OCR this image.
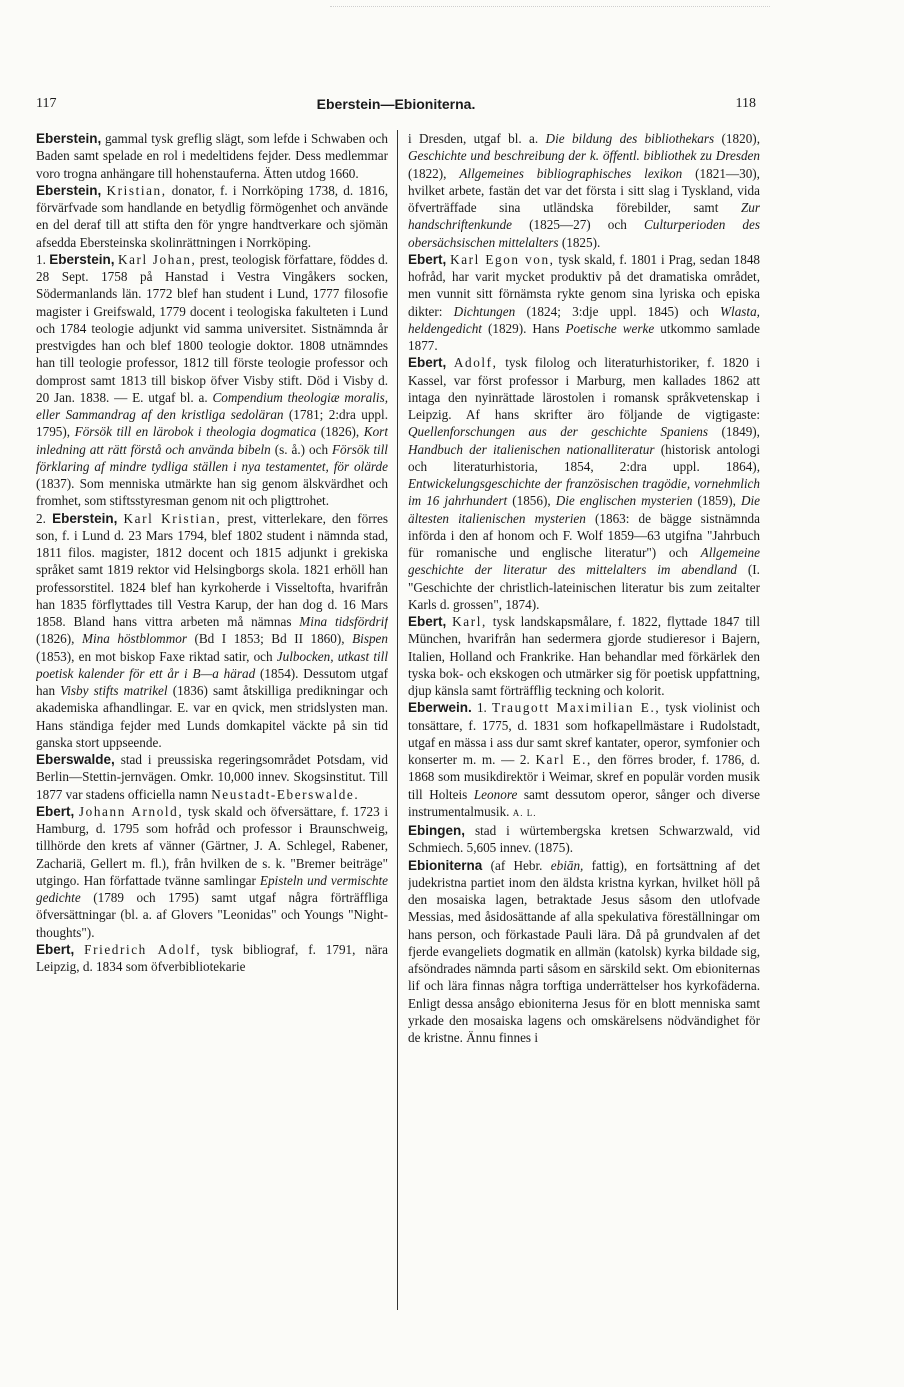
117	Eberstein—Ebioniterna.	118

Eberstein, gammal tysk greflig slägt, som lefde i Schwaben och Baden samt spelade en rol i medeltidens fejder. Dess medlemmar voro trogna anhängare till hohenstauferna. Ätten utdog 1660.

Eberstein, Kristian, donator, f. i Norrköping 1738, d. 1816, förvärfvade som handlande en betydlig förmögenhet och använde en del deraf till att stifta den för yngre handtverkare och sjömän afsedda Ebersteinska skolinrättningen i Norrköping.

1. Eberstein, Karl Johan, prest, teologisk författare, föddes d. 28 Sept. 1758 på Hanstad i Vestra Vingåkers socken, Södermanlands län. 1772 blef han student i Lund, 1777 filosofie magister i Greifswald, 1779 docent i teologiska fakulteten i Lund och 1784 teologie adjunkt vid samma universitet. Sistnämnda år prestvigdes han och blef 1800 teologie doktor. 1808 utnämndes han till teologie professor, 1812 till förste teologie professor och domprost samt 1813 till biskop öfver Visby stift. Död i Visby d. 20 Jan. 1838. — E. utgaf bl. a. Compendium theologiæ moralis, eller Sammandrag af den kristliga sedoläran (1781; 2:dra uppl. 1795), Försök till en lärobok i theologia dogmatica (1826), Kort inledning att rätt förstå och använda bibeln (s. å.) och Försök till förklaring af mindre tydliga ställen i nya testamentet, för olärde (1837). Som menniska utmärkte han sig genom älskvärdhet och fromhet, som stiftsstyresman genom nit och pligttrohet.

2. Eberstein, Karl Kristian, prest, vitterlekare, den förres son, f. i Lund d. 23 Mars 1794, blef 1802 student i nämnda stad, 1811 filos. magister, 1812 docent och 1815 adjunkt i grekiska språket samt 1819 rektor vid Helsingborgs skola. 1821 erhöll han professorstitel. 1824 blef han kyrkoherde i Visseltofta, hvarifrån han 1835 förflyttades till Vestra Karup, der han dog d. 16 Mars 1858. Bland hans vittra arbeten må nämnas Mina tidsfördrif (1826), Mina höstblommor (Bd I 1853; Bd II 1860), Bispen (1853), en mot biskop Faxe riktad satir, och Julbocken, utkast till poetisk kalender för ett år i B—a härad (1854). Dessutom utgaf han Visby stifts matrikel (1836) samt åtskilliga predikningar och akademiska afhandlingar. E. var en qvick, men stridslysten man. Hans ständiga fejder med Lunds domkapitel väckte på sin tid ganska stort uppseende.

Eberswalde, stad i preussiska regeringsområdet Potsdam, vid Berlin—Stettin-jernvägen. Omkr. 10,000 innev. Skogsinstitut. Till 1877 var stadens officiella namn Neustadt-Eberswalde.

Ebert, Johann Arnold, tysk skald och öfversättare, f. 1723 i Hamburg, d. 1795 som hofråd och professor i Braunschweig, tillhörde den krets af vänner (Gärtner, J. A. Schlegel, Rabener, Zachariä, Gellert m. fl.), från hvilken de s. k. "Bremer beiträge" utgingo. Han författade tvänne samlingar Episteln und vermischte gedichte (1789 och 1795) samt utgaf några förträffliga öfversättningar (bl. a. af Glovers "Leonidas" och Youngs "Night-thoughts").

Ebert, Friedrich Adolf, tysk bibliograf, f. 1791, nära Leipzig, d. 1834 som öfverbibliotekarie

i Dresden, utgaf bl. a. Die bildung des bibliothekars (1820), Geschichte und beschreibung der k. öffentl. bibliothek zu Dresden (1822), Allgemeines bibliographisches lexikon (1821—30), hvilket arbete, fastän det var det första i sitt slag i Tyskland, vida öfverträffade sina utländska förebilder, samt Zur handschriftenkunde (1825—27) och Culturperioden des obersächsischen mittelalters (1825).

Ebert, Karl Egon von, tysk skald, f. 1801 i Prag, sedan 1848 hofråd, har varit mycket produktiv på det dramatiska området, men vunnit sitt förnämsta rykte genom sina lyriska och episka dikter: Dichtungen (1824; 3:dje uppl. 1845) och Wlasta, heldengedicht (1829). Hans Poetische werke utkommo samlade 1877.

Ebert, Adolf, tysk filolog och literaturhistoriker, f. 1820 i Kassel, var först professor i Marburg, men kallades 1862 att intaga den nyinrättade lärostolen i romansk språkvetenskap i Leipzig. Af hans skrifter äro följande de vigtigaste: Quellenforschungen aus der geschichte Spaniens (1849), Handbuch der italienischen nationalliteratur (historisk antologi och literaturhistoria, 1854, 2:dra uppl. 1864), Entwickelungsgeschichte der französischen tragödie, vornehmlich im 16 jahrhundert (1856), Die englischen mysterien (1859), Die ältesten italienischen mysterien (1863: de bägge sistnämnda införda i den af honom och F. Wolf 1859—63 utgifna "Jahrbuch für romanische und englische literatur") och Allgemeine geschichte der literatur des mittelalters im abendland (I. "Geschichte der christlich-lateinischen literatur bis zum zeitalter Karls d. grossen", 1874).

Ebert, Karl, tysk landskapsmålare, f. 1822, flyttade 1847 till München, hvarifrån han sedermera gjorde studieresor i Bajern, Italien, Holland och Frankrike. Han behandlar med förkärlek den tyska bok- och ekskogen och utmärker sig för poetisk uppfattning, djup känsla samt förträfflig teckning och kolorit.

Eberwein. 1. Traugott Maximilian E., tysk violinist och tonsättare, f. 1775, d. 1831 som hofkapellmästare i Rudolstadt, utgaf en mässa i ass dur samt skref kantater, operor, symfonier och konserter m. m. — 2. Karl E., den förres broder, f. 1786, d. 1868 som musikdirektör i Weimar, skref en populär vorden musik till Holteis Leonore samt dessutom operor, sånger och diverse instrumentalmusik. A. L.

Ebingen, stad i würtembergska kretsen Schwarzwald, vid Schmiech. 5,605 innev. (1875).

Ebioniterna (af Hebr. ebiān, fattig), en fortsättning af det judekristna partiet inom den äldsta kristna kyrkan, hvilket höll på den mosaiska lagen, betraktade Jesus såsom den utlofvade Messias, med åsidosättande af alla spekulativa föreställningar om hans person, och förkastade Pauli lära. Då på grundvalen af det fjerde evangeliets dogmatik en allmän (katolsk) kyrka bildade sig, afsöndrades nämnda parti såsom en särskild sekt. Om ebioniternas lif och lära finnas några torftiga underrättelser hos kyrkofäderna. Enligt dessa ansågo ebioniterna Jesus för en blott menniska samt yrkade den mosaiska lagens och omskärelsens nödvändighet för de kristne. Ännu finnes i
